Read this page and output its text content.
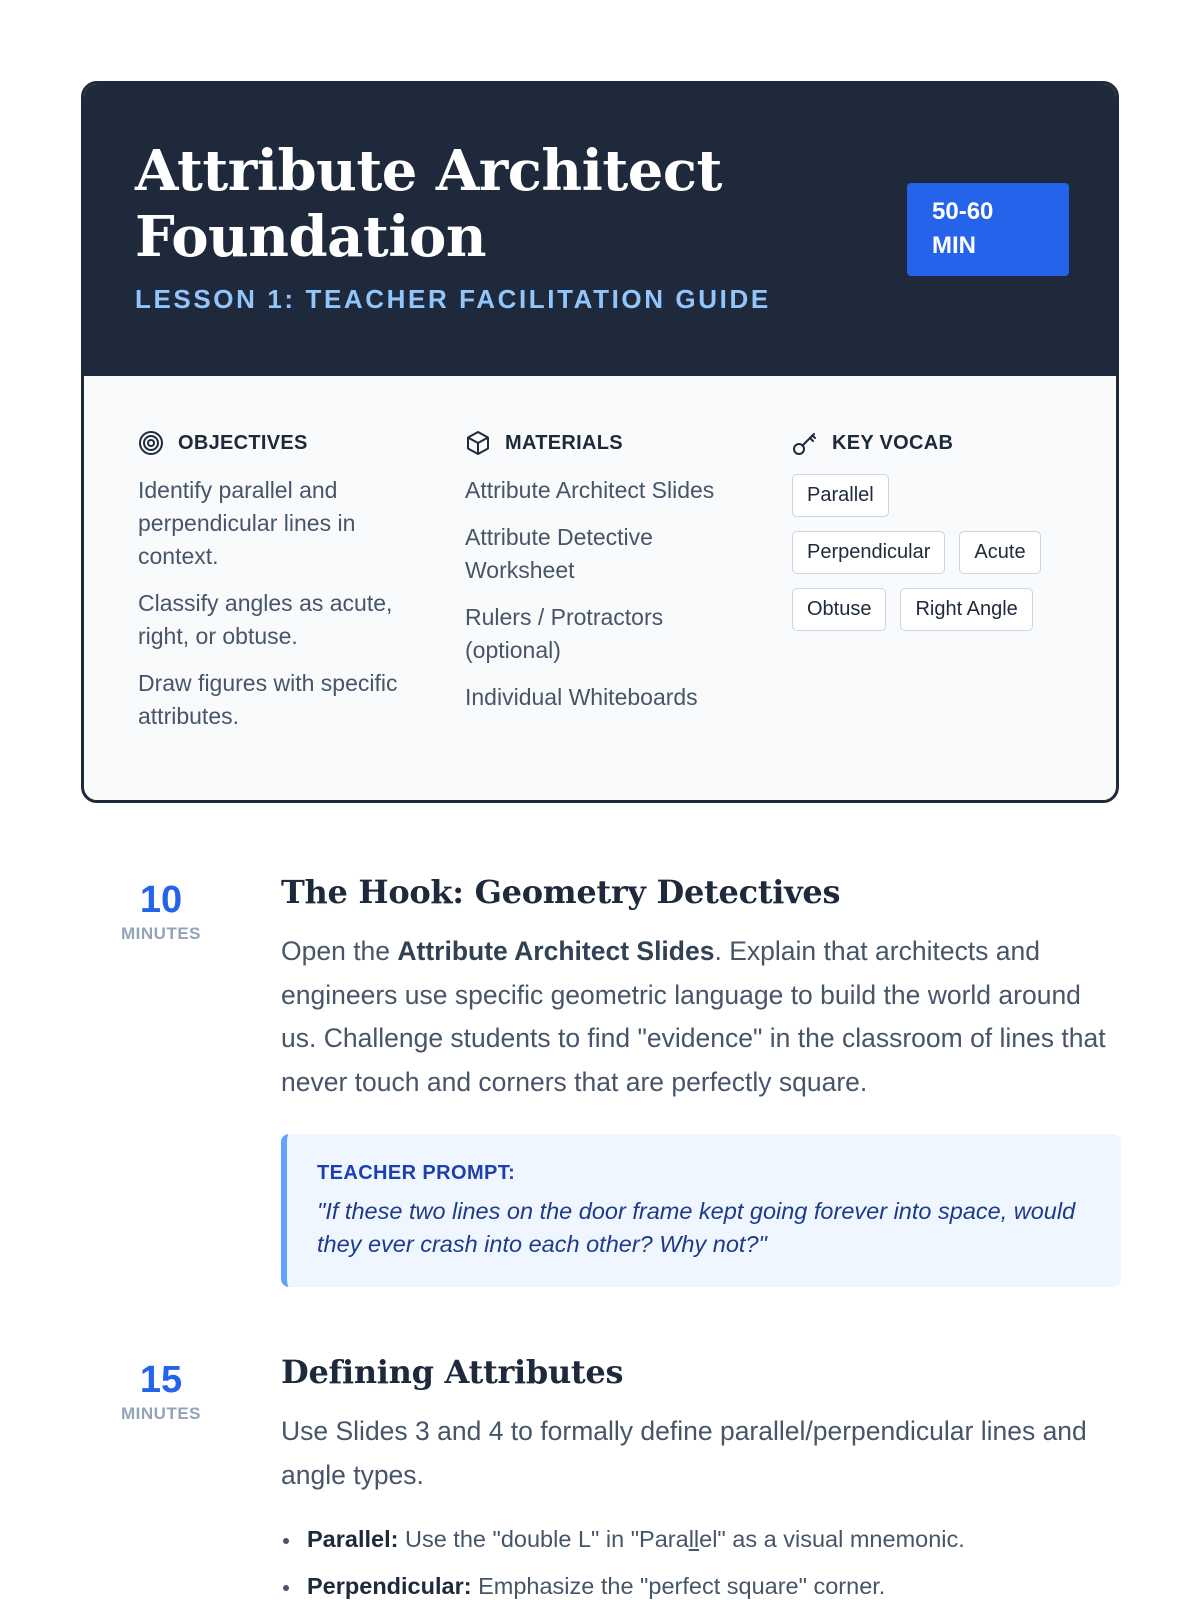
Attribute Architect Foundation
LESSON 1: TEACHER FACILITATION GUIDE
50-60 MIN
OBJECTIVES
Identify parallel and perpendicular lines in context.
Classify angles as acute, right, or obtuse.
Draw figures with specific attributes.
MATERIALS
Attribute Architect Slides
Attribute Detective Worksheet
Rulers / Protractors (optional)
Individual Whiteboards
KEY VOCAB
Parallel
Perpendicular	Acute
Obtuse	Right Angle
10
MINUTES
The Hook: Geometry Detectives

Open the Attribute Architect Slides. Explain that architects and engineers use specific geometric language to build the world around us. Challenge students to find "evidence" in the classroom of lines that never touch and corners that are perfectly square.

TEACHER PROMPT:
"If these two lines on the door frame kept going forever into space, would they ever crash into each other? Why not?"
15
MINUTES
Defining Attributes

Use Slides 3 and 4 to formally define parallel/perpendicular lines and angle types.

Parallel: Use the "double L" in "Parallel" as a visual mnemonic.
Perpendicular: Emphasize the "perfect square" corner.
